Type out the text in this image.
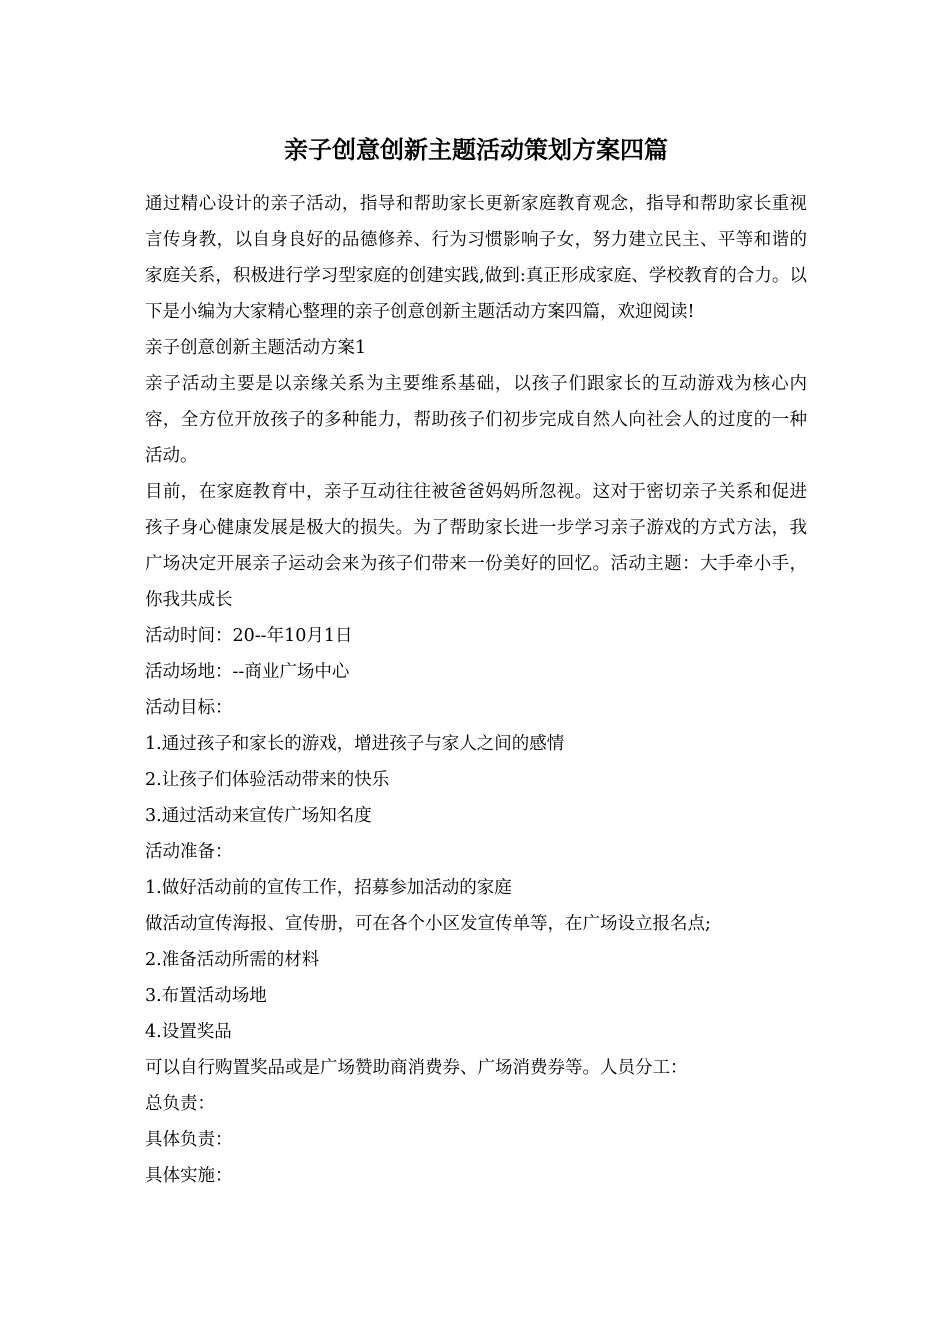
亲子创意创新主题活动策划方案四篇

通过精心设计的亲子活动，指导和帮助家长更新家庭教育观念，指导和帮助家长重视言传身教，以自身良好的品德修养、行为习惯影响子女，努力建立民主、平等和谐的家庭关系，积极进行学习型家庭的创建实践,做到:真正形成家庭、学校教育的合力。以下是小编为大家精心整理的亲子创意创新主题活动方案四篇，欢迎阅读!

亲子创意创新主题活动方案1

亲子活动主要是以亲缘关系为主要维系基础，以孩子们跟家长的互动游戏为核心内容，全方位开放孩子的多种能力，帮助孩子们初步完成自然人向社会人的过度的一种活动。

目前，在家庭教育中，亲子互动往往被爸爸妈妈所忽视。这对于密切亲子关系和促进孩子身心健康发展是极大的损失。为了帮助家长进一步学习亲子游戏的方式方法，我广场决定开展亲子运动会来为孩子们带来一份美好的回忆。活动主题：大手牵小手，你我共成长

活动时间：20--年10月1日

活动场地：--商业广场中心

活动目标：

1.通过孩子和家长的游戏，增进孩子与家人之间的感情

2.让孩子们体验活动带来的快乐

3.通过活动来宣传广场知名度

活动准备：

1.做好活动前的宣传工作，招募参加活动的家庭

做活动宣传海报、宣传册，可在各个小区发宣传单等，在广场设立报名点;

2.准备活动所需的材料

3.布置活动场地

4.设置奖品

可以自行购置奖品或是广场赞助商消费券、广场消费券等。人员分工：

总负责：

具体负责：

具体实施：
